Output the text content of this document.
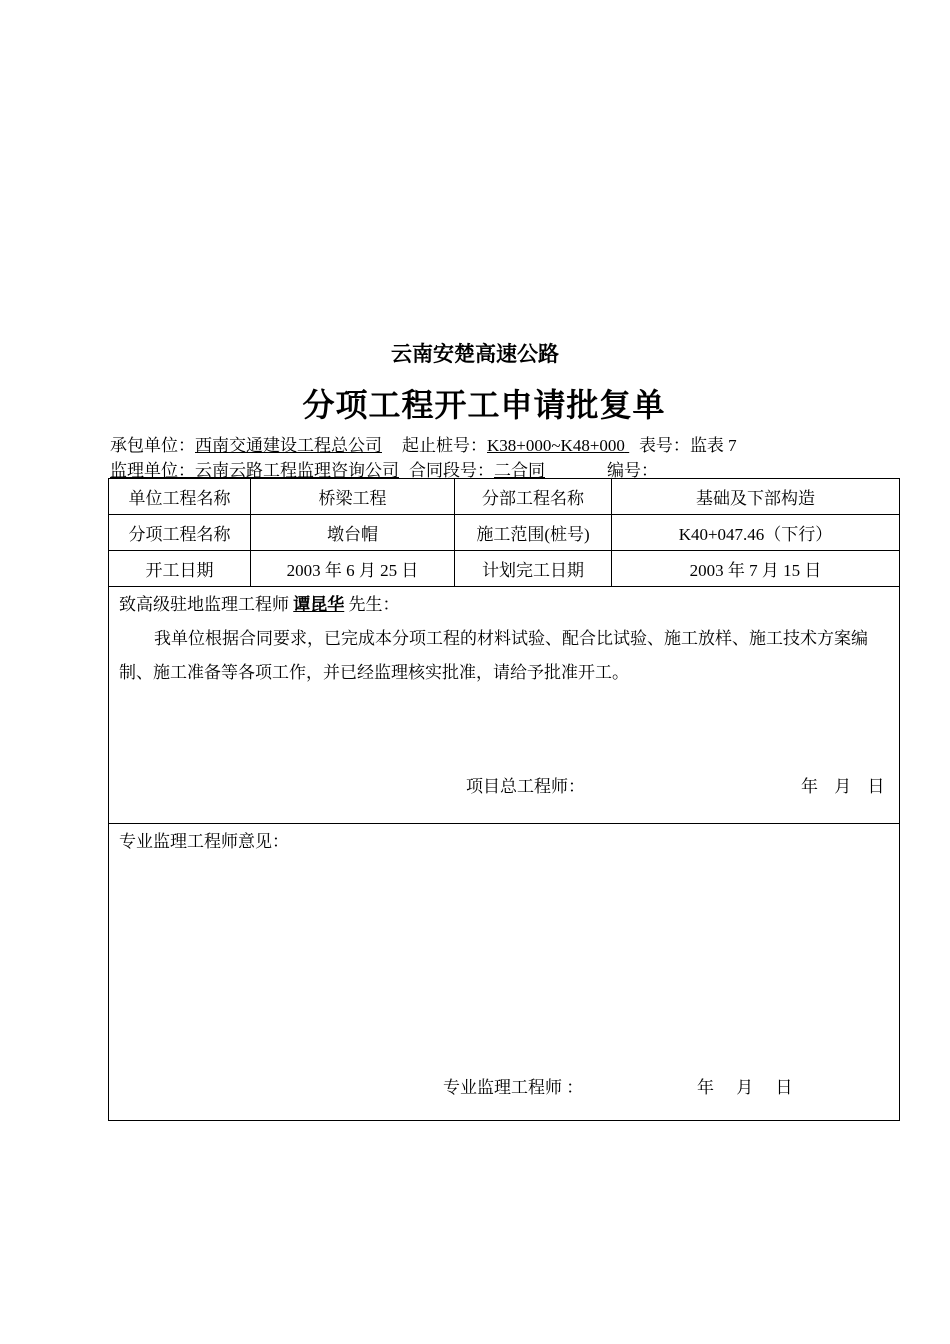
云南安楚高速公路
分项工程开工申请批复单
承包单位：西南交通建设工程总公司 起止桩号：K38+000~K48+000 表号：监表 7
监理单位：云南云路工程监理咨询公司 合同段号：二合同	编号：
单位工程名称	桥梁工程	分部工程名称	基础及下部构造
分项工程名称	墩台帽	施工范围(桩号)	K40+047.46（下行）
开工日期	2003 年 6 月 25 日	计划完工日期	2003 年 7 月 15 日

致高级驻地监理工程师 谭昆华 先生：
我单位根据合同要求，已完成本分项工程的材料试验、配合比试验、施工放样、施工技术方案编制、施工准备等各项工作，并已经监理核实批准，请给予批准开工。
项目总工程师： 年 月 日			

专业监理工程师意见：
专业监理工程师 ： 年 月 日			
